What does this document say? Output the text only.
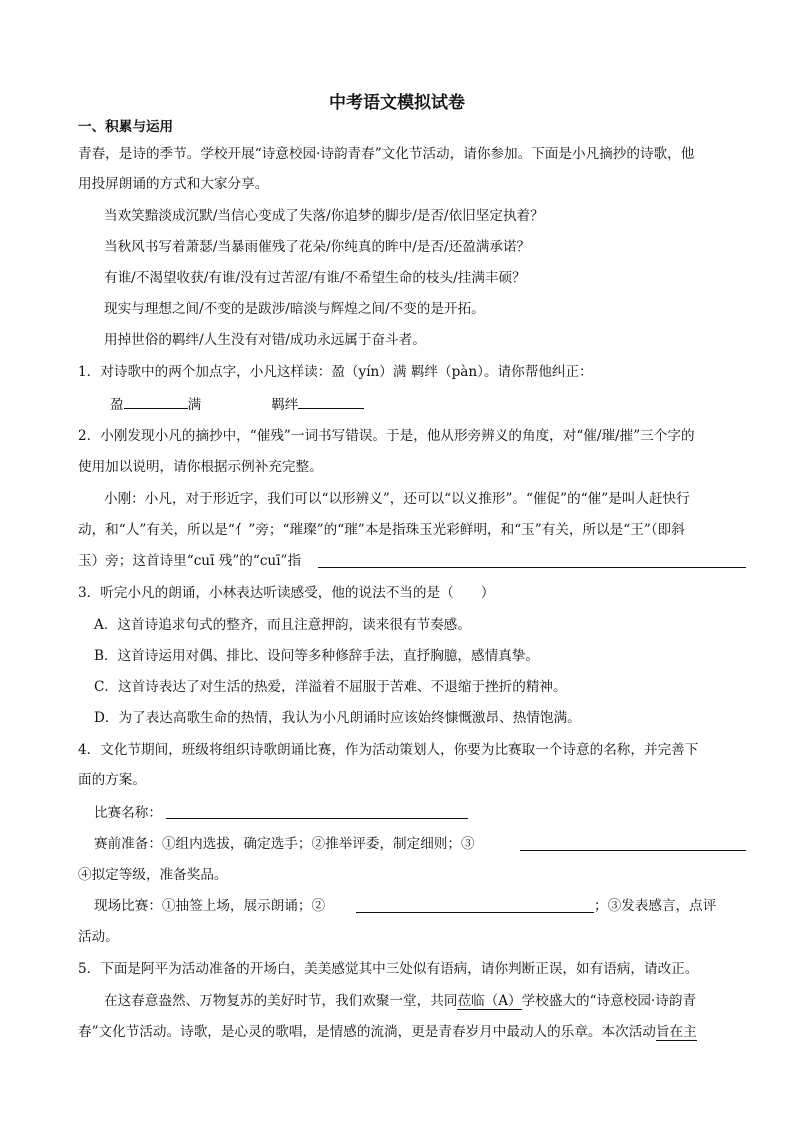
中考语文模拟试卷
一、积累与运用
青春，是诗的季节。学校开展“诗意校园·诗韵青春”文化节活动，请你参加。下面是小凡摘抄的诗歌，他
用投屏朗诵的方式和大家分享。
当欢笑黯淡成沉默/当信心变成了失落/你追梦的脚步/是否/依旧坚定执着？
当秋风书写着萧瑟/当暴雨催残了花朵/你纯真的眸中/是否/还盈满承诺？
有谁/不渴望收获/有谁/没有过苦涩/有谁/不希望生命的枝头/挂满丰硕？
现实与理想之间/不变的是跋涉/暗淡与辉煌之间/不变的是开拓。
用掉世俗的羁绊/人生没有对错/成功永远属于奋斗者。
1．对诗歌中的两个加点字，小凡这样读：盈（yín）满 羁绊（pàn）。请你帮他纠正：
盈	满	羁绊
2．小刚发现小凡的摘抄中，“催残”一词书写错误。于是，他从形旁辨义的角度，对“催/璀/摧”三个字的
使用加以说明，请你根据示例补充完整。
小刚：小凡，对于形近字，我们可以“以形辨义”，还可以“以义推形”。“催促”的“催”是叫人赶快行
动，和“人”有关，所以是“亻”旁；“璀璨”的“璀”本是指珠玉光彩鲜明，和“玉”有关，所以是“王”（即斜
玉）旁；这首诗里“cuī 残”的“cuī”指
3．听完小凡的朗诵，小林表达听读感受，他的说法不当的是（　　）
A．这首诗追求句式的整齐，而且注意押韵，读来很有节奏感。
B．这首诗运用对偶、排比、设问等多种修辞手法，直抒胸臆，感情真挚。
C．这首诗表达了对生活的热爱，洋溢着不屈服于苦难、不退缩于挫折的精神。
D．为了表达高歌生命的热情，我认为小凡朗诵时应该始终慷慨激昂、热情饱满。
4．文化节期间，班级将组织诗歌朗诵比赛，作为活动策划人，你要为比赛取一个诗意的名称，并完善下
面的方案。
比赛名称：
赛前准备：①组内选拔，确定选手；②推举评委，制定细则；③
④拟定等级，准备奖品。
现场比赛：①抽签上场，展示朗诵；②	；③发表感言，点评
活动。
5．下面是阿平为活动准备的开场白，美美感觉其中三处似有语病，请你判断正误，如有语病，请改正。
在这春意盎然、万物复苏的美好时节，我们欢聚一堂，共同莅临（A）学校盛大的“诗意校园·诗韵青
春”文化节活动。诗歌，是心灵的歌唱，是情感的流淌，更是青春岁月中最动人的乐章。本次活动旨在主
